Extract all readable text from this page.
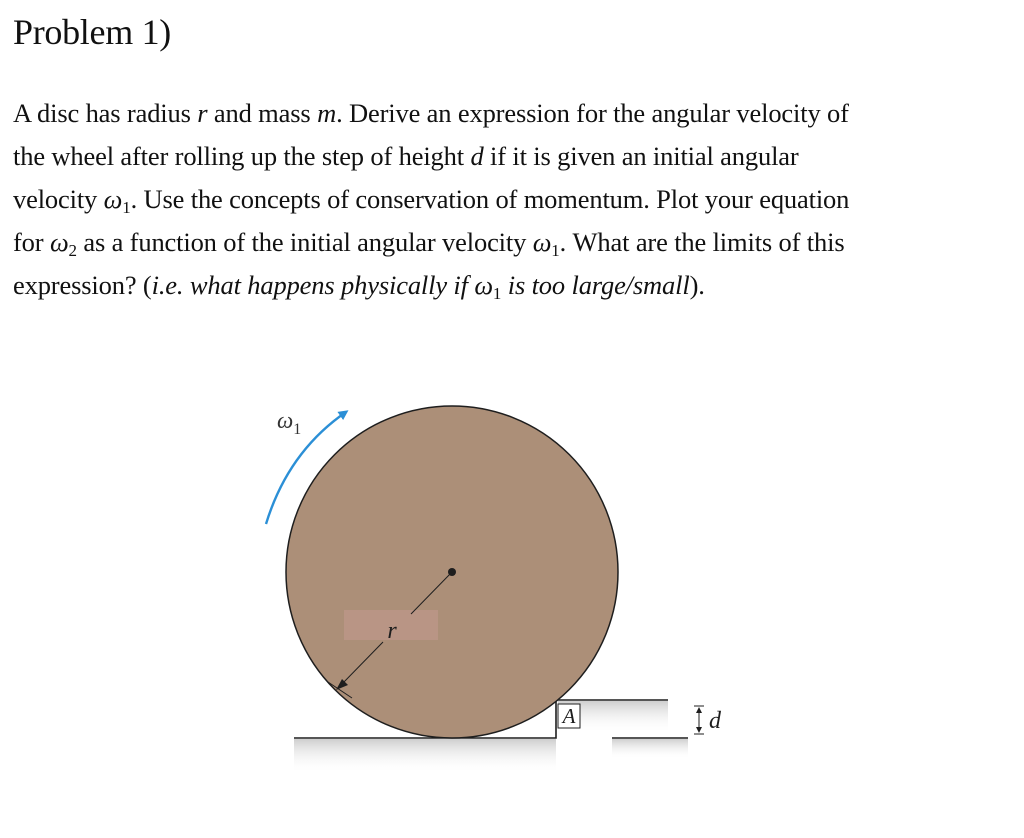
Problem 1)

A disc has radius r and mass m. Derive an expression for the angular velocity of

the wheel after rolling up the step of height d if it is given an initial angular

velocity $\omega_1$. Use the concepts of conservation of momentum. Plot your equation

for $\omega_2$ as a function of the initial angular velocity $\omega_1$. What are the limits of this

expression? (i.e. what happens physically if $\omega_1$ is too large/small).

r
$\omega_1$
A	d
